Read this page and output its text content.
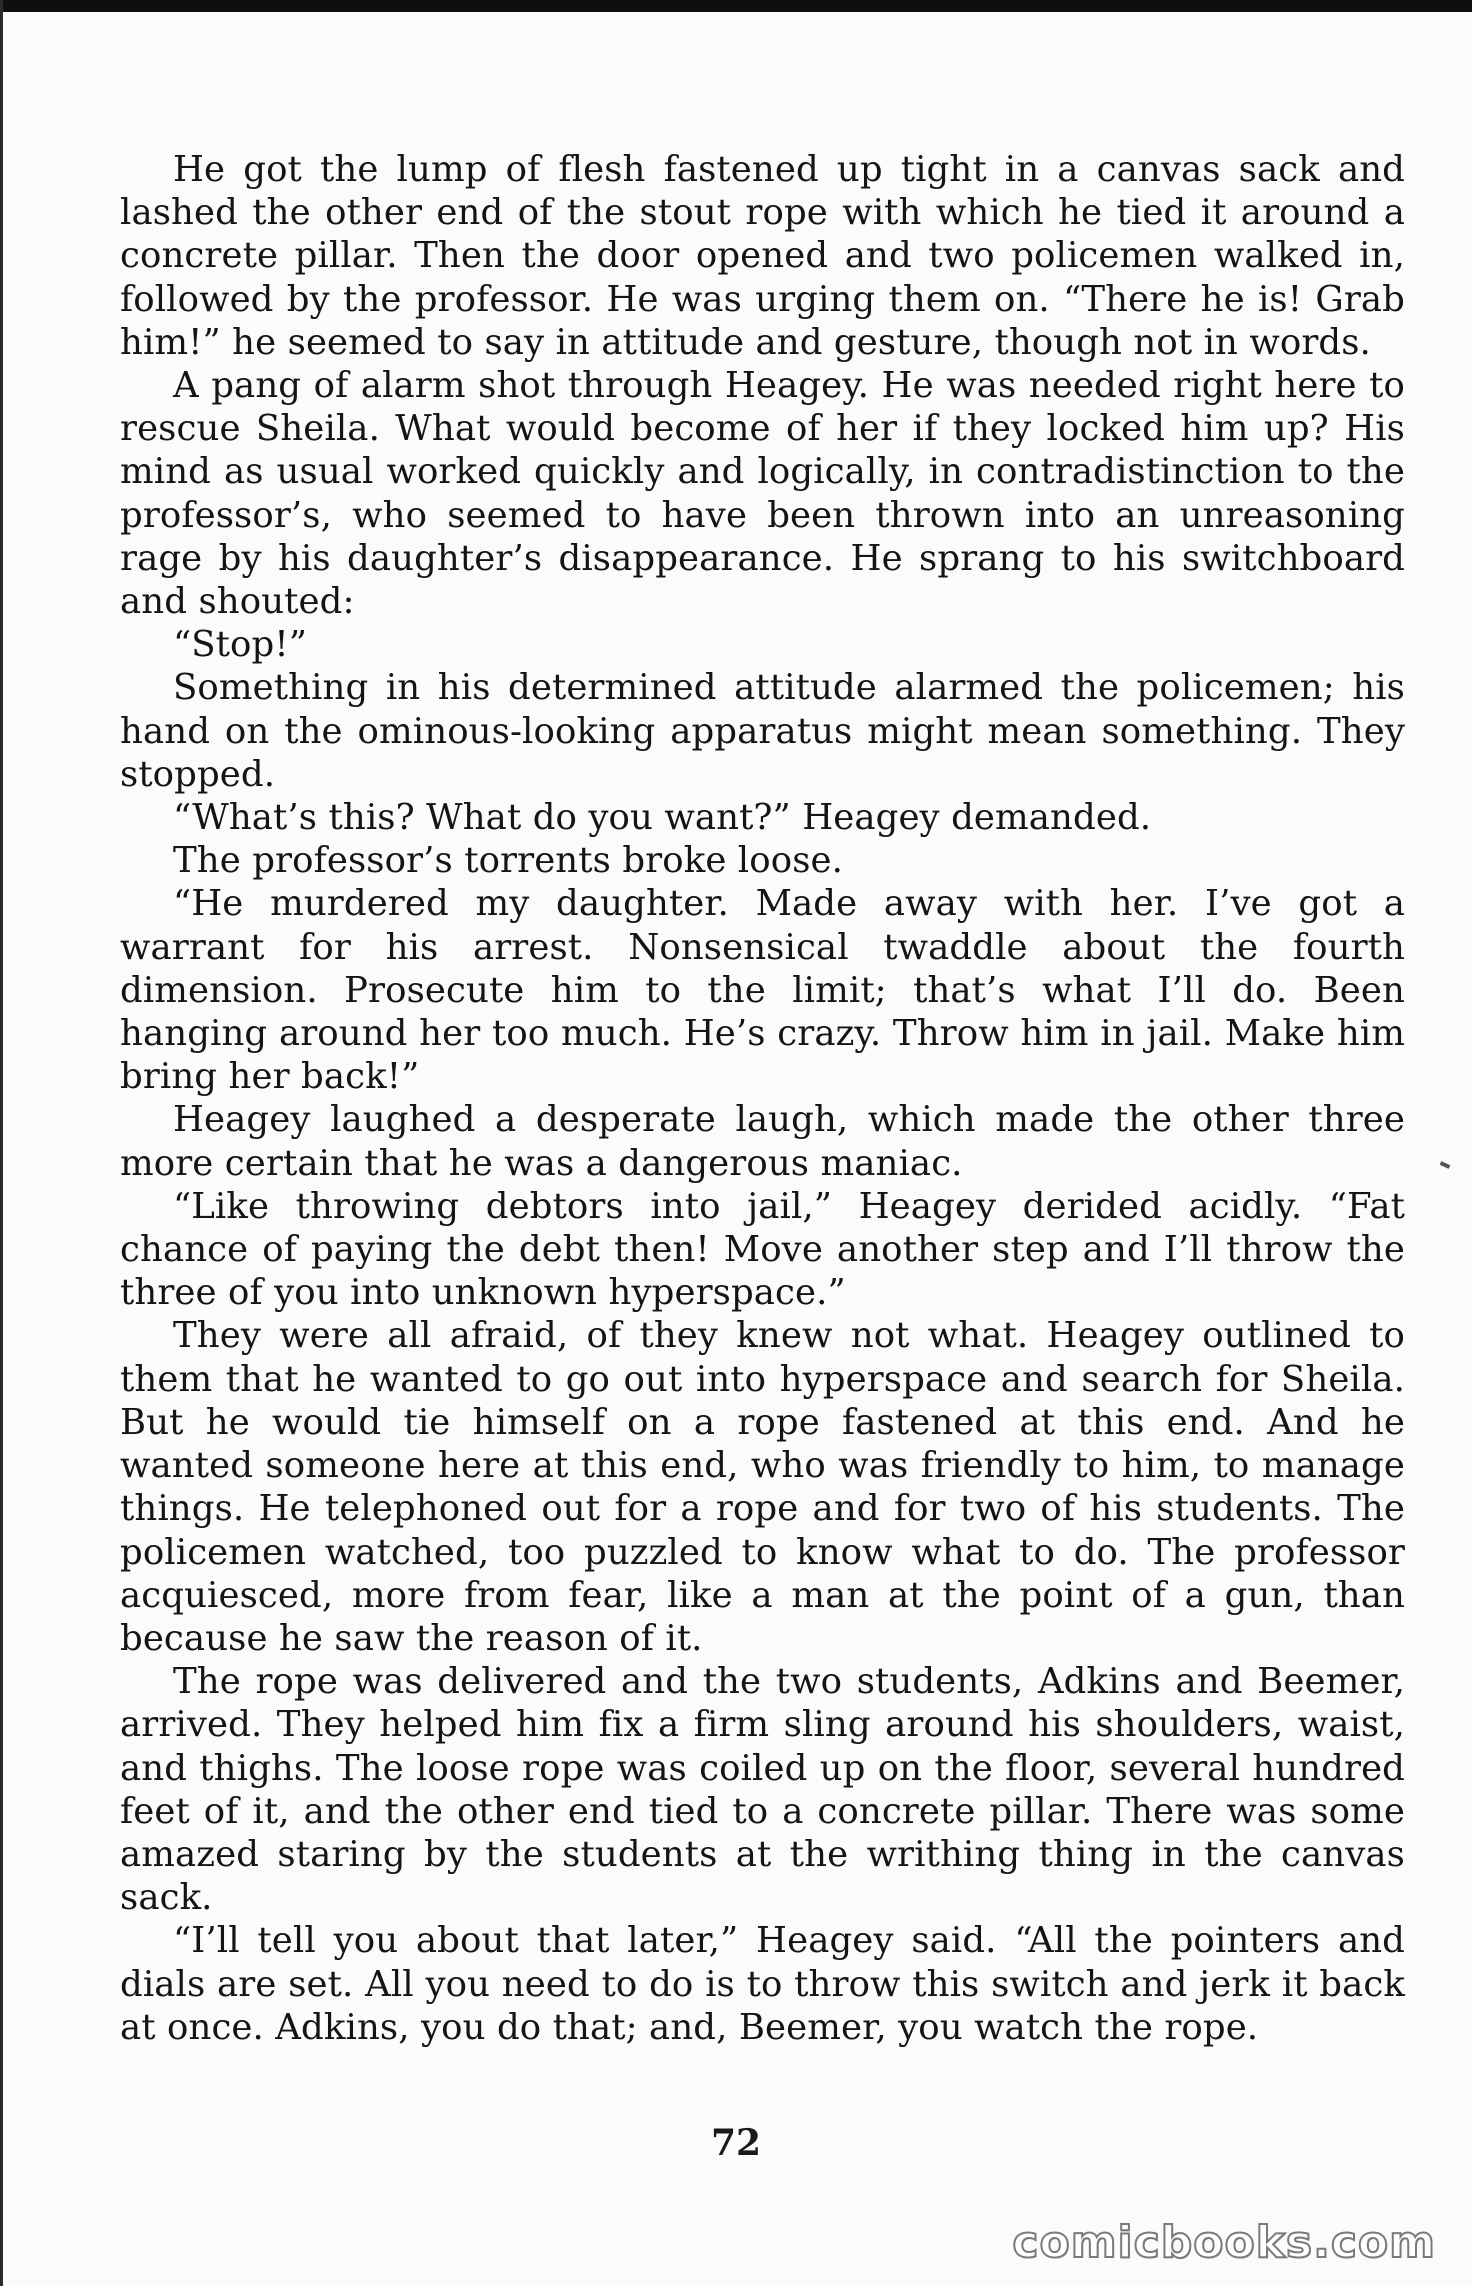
He got the lump of flesh fastened up tight in a canvas sack and lashed the other end of the stout rope with which he tied it around a concrete pillar. Then the door opened and two policemen walked in, followed by the professor. He was urging them on. “There he is! Grab him!” he seemed to say in attitude and gesture, though not in words.

A pang of alarm shot through Heagey. He was needed right here to rescue Sheila. What would become of her if they locked him up? His mind as usual worked quickly and logically, in contradistinction to the professor’s, who seemed to have been thrown into an unreasoning rage by his daughter’s disappearance. He sprang to his switchboard and shouted:

“Stop!”

Something in his determined attitude alarmed the policemen; his hand on the ominous-looking apparatus might mean something. They stopped.

“What’s this? What do you want?” Heagey demanded.

The professor’s torrents broke loose.

“He murdered my daughter. Made away with her. I’ve got a warrant for his arrest. Nonsensical twaddle about the fourth dimension. Prosecute him to the limit; that’s what I’ll do. Been hanging around her too much. He’s crazy. Throw him in jail. Make him bring her back!”

Heagey laughed a desperate laugh, which made the other three more certain that he was a dangerous maniac.

“Like throwing debtors into jail,” Heagey derided acidly. “Fat chance of paying the debt then! Move another step and I’ll throw the three of you into unknown hyperspace.”

They were all afraid, of they knew not what. Heagey outlined to them that he wanted to go out into hyperspace and search for Sheila. But he would tie himself on a rope fastened at this end. And he wanted someone here at this end, who was friendly to him, to manage things. He telephoned out for a rope and for two of his students. The policemen watched, too puzzled to know what to do. The professor acquiesced, more from fear, like a man at the point of a gun, than because he saw the reason of it.

The rope was delivered and the two students, Adkins and Beemer, arrived. They helped him fix a firm sling around his shoulders, waist, and thighs. The loose rope was coiled up on the floor, several hundred feet of it, and the other end tied to a concrete pillar. There was some amazed staring by the students at the writhing thing in the canvas sack.

“I’ll tell you about that later,” Heagey said. “All the pointers and dials are set. All you need to do is to throw this switch and jerk it back at once. Adkins, you do that; and, Beemer, you watch the rope.

72
comicbooks.com
